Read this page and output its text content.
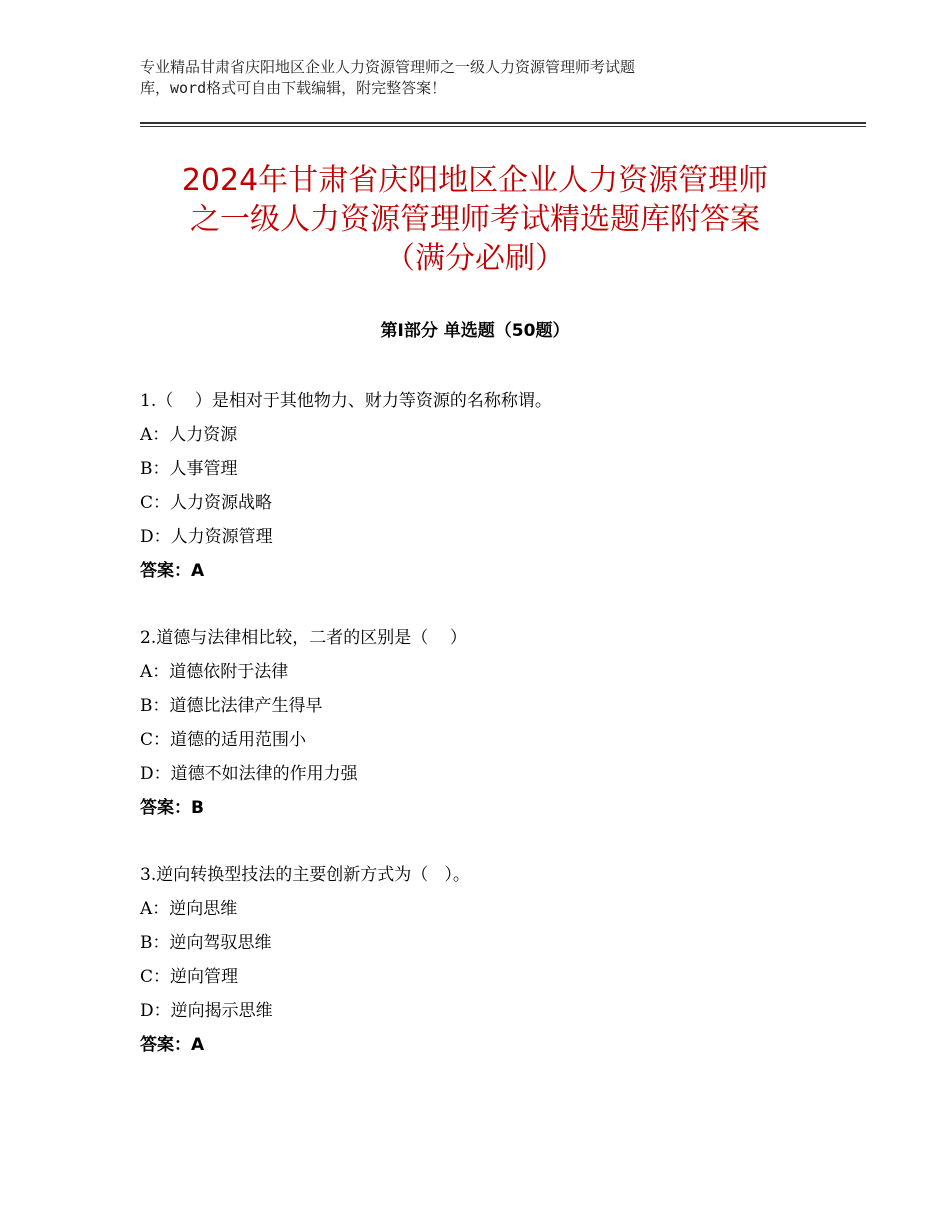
专业精品甘肃省庆阳地区企业人力资源管理师之一级人力资源管理师考试题
库，word格式可自由下载编辑，附完整答案！
2024年甘肃省庆阳地区企业人力资源管理师
之一级人力资源管理师考试精选题库附答案
（满分必刷）
第Ⅰ部分 单选题（50题）
1.（    ）是相对于其他物力、财力等资源的名称称谓。
A：人力资源
B：人事管理
C：人力资源战略
D：人力资源管理
答案：A
2.道德与法律相比较，二者的区别是（    ）
A：道德依附于法律
B：道德比法律产生得早
C：道德的适用范围小
D：道德不如法律的作用力强
答案：B
3.逆向转换型技法的主要创新方式为（   ）。
A：逆向思维
B：逆向驾驭思维
C：逆向管理
D：逆向揭示思维
答案：A
